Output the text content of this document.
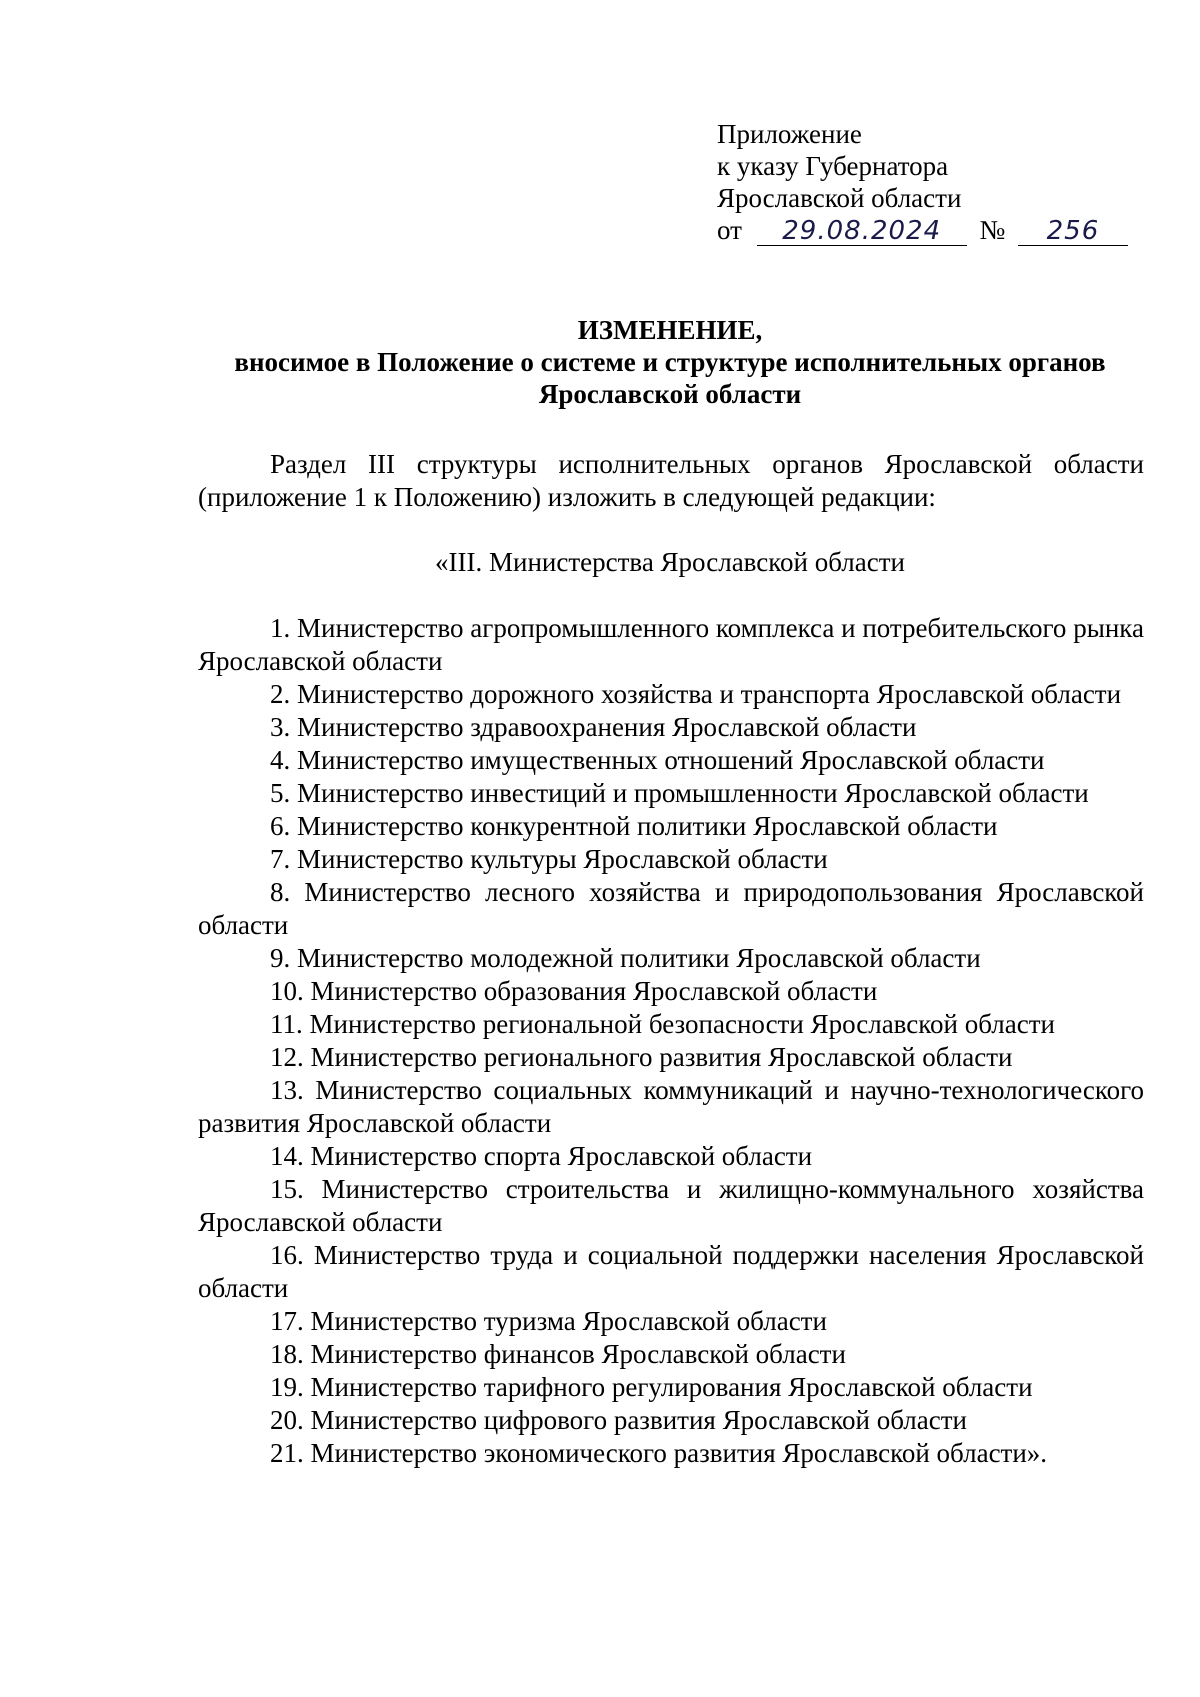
Приложение
к указу Губернатора
Ярославской области
от 29.08.2024 № 256
ИЗМЕНЕНИЕ,
вносимое в Положение о системе и структуре исполнительных органов
Ярославской области

Раздел III структуры исполнительных органов Ярославской области (приложение 1 к Положению) изложить в следующей редакции:

«III. Министерства Ярославской области
1. Министерство агропромышленного комплекса и потребительского рынка Ярославской области
2. Министерство дорожного хозяйства и транспорта Ярославской области
3. Министерство здравоохранения Ярославской области
4. Министерство имущественных отношений Ярославской области
5. Министерство инвестиций и промышленности Ярославской области
6. Министерство конкурентной политики Ярославской области
7. Министерство культуры Ярославской области
8. Министерство лесного хозяйства и природопользования Ярославской области
9. Министерство молодежной политики Ярославской области
10. Министерство образования Ярославской области
11. Министерство региональной безопасности Ярославской области
12. Министерство регионального развития Ярославской области
13. Министерство социальных коммуникаций и научно-технологического развития Ярославской области
14. Министерство спорта Ярославской области
15. Министерство строительства и жилищно-коммунального хозяйства Ярославской области
16. Министерство труда и социальной поддержки населения Ярославской области
17. Министерство туризма Ярославской области
18. Министерство финансов Ярославской области
19. Министерство тарифного регулирования Ярославской области
20. Министерство цифрового развития Ярославской области
21. Министерство экономического развития Ярославской области».
